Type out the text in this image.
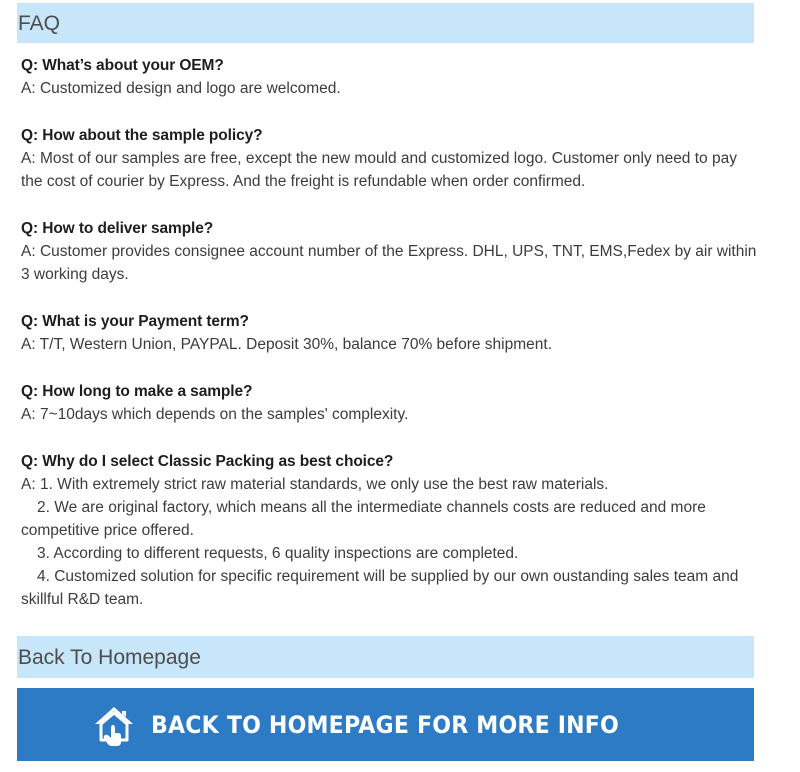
FAQ
Q: What’s about your OEM?
A: Customized design and logo are welcomed.
Q: How about the sample policy?
A: Most of our samples are free, except the new mould and customized logo. Customer only need to pay the cost of courier by Express. And the freight is refundable when order confirmed.
Q: How to deliver sample?
A: Customer provides consignee account number of the Express. DHL, UPS, TNT, EMS,Fedex by air within 3 working days.
Q: What is your Payment term?
A: T/T, Western Union, PAYPAL. Deposit 30%, balance 70% before shipment.
Q: How long to make a sample?
A: 7~10days which depends on the samples' complexity.
Q: Why do I select Classic Packing as best choice?
A: 1. With extremely strict raw material standards, we only use the best raw materials.
2. We are original factory, which means all the intermediate channels costs are reduced and more competitive price offered.
3. According to different requests, 6 quality inspections are completed.
4. Customized solution for specific requirement will be supplied by our own oustanding sales team and skillful R&D team.
Back To Homepage
BACK TO HOMEPAGE FOR MORE INFO
